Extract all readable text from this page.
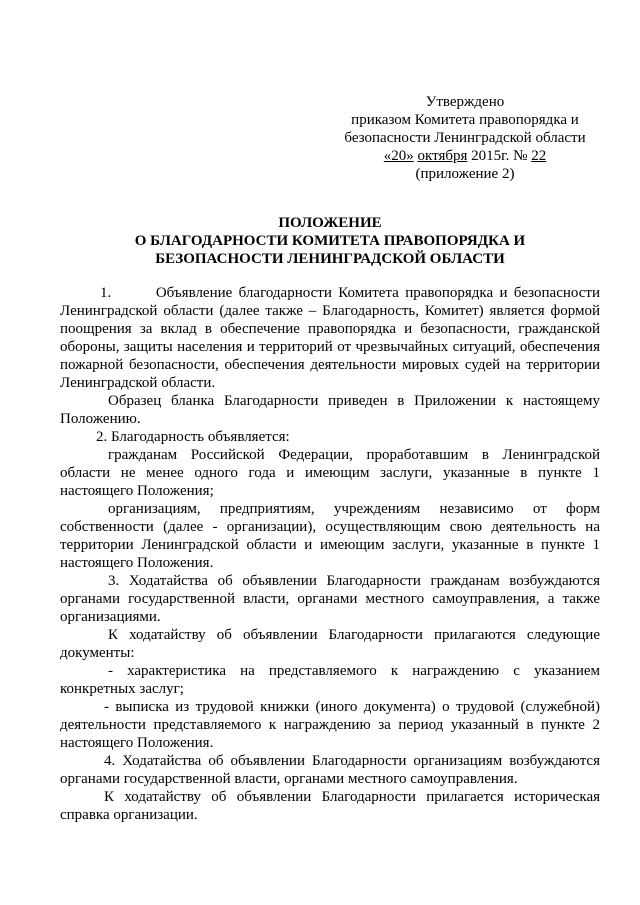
Утверждено
приказом Комитета правопорядка и
безопасности Ленинградской области
«20» октября 2015г. № 22
(приложение 2)
ПОЛОЖЕНИЕ
О БЛАГОДАРНОСТИ КОМИТЕТА ПРАВОПОРЯДКА И
БЕЗОПАСНОСТИ ЛЕНИНГРАДСКОЙ ОБЛАСТИ

1.       Объявление благодарности Комитета правопорядка и безопасности Ленинградской области (далее также – Благодарность, Комитет) является формой поощрения за вклад в обеспечение правопорядка и безопасности, гражданской обороны, защиты населения и территорий от чрезвычайных ситуаций, обеспечения пожарной безопасности, обеспечения деятельности мировых судей на территории Ленинградской области.

Образец бланка Благодарности приведен в Приложении к настоящему Положению.

2. Благодарность объявляется:

гражданам Российской Федерации, проработавшим в Ленинградской области не менее одного года и имеющим заслуги, указанные в пункте 1 настоящего Положения;

организациям, предприятиям, учреждениям независимо от форм собственности (далее - организации), осуществляющим свою деятельность на территории Ленинградской области и имеющим заслуги, указанные в пункте 1 настоящего Положения.

3. Ходатайства об объявлении Благодарности гражданам возбуждаются органами государственной власти, органами местного самоуправления, а также организациями.

К ходатайству об объявлении Благодарности прилагаются следующие документы:

- характеристика на представляемого к награждению с указанием конкретных заслуг;

- выписка из трудовой книжки (иного документа) о трудовой (служебной) деятельности представляемого к награждению за период указанный в пункте 2 настоящего Положения.

4. Ходатайства об объявлении Благодарности организациям возбуждаются органами государственной власти, органами местного самоуправления.

К ходатайству об объявлении Благодарности прилагается историческая справка организации.
